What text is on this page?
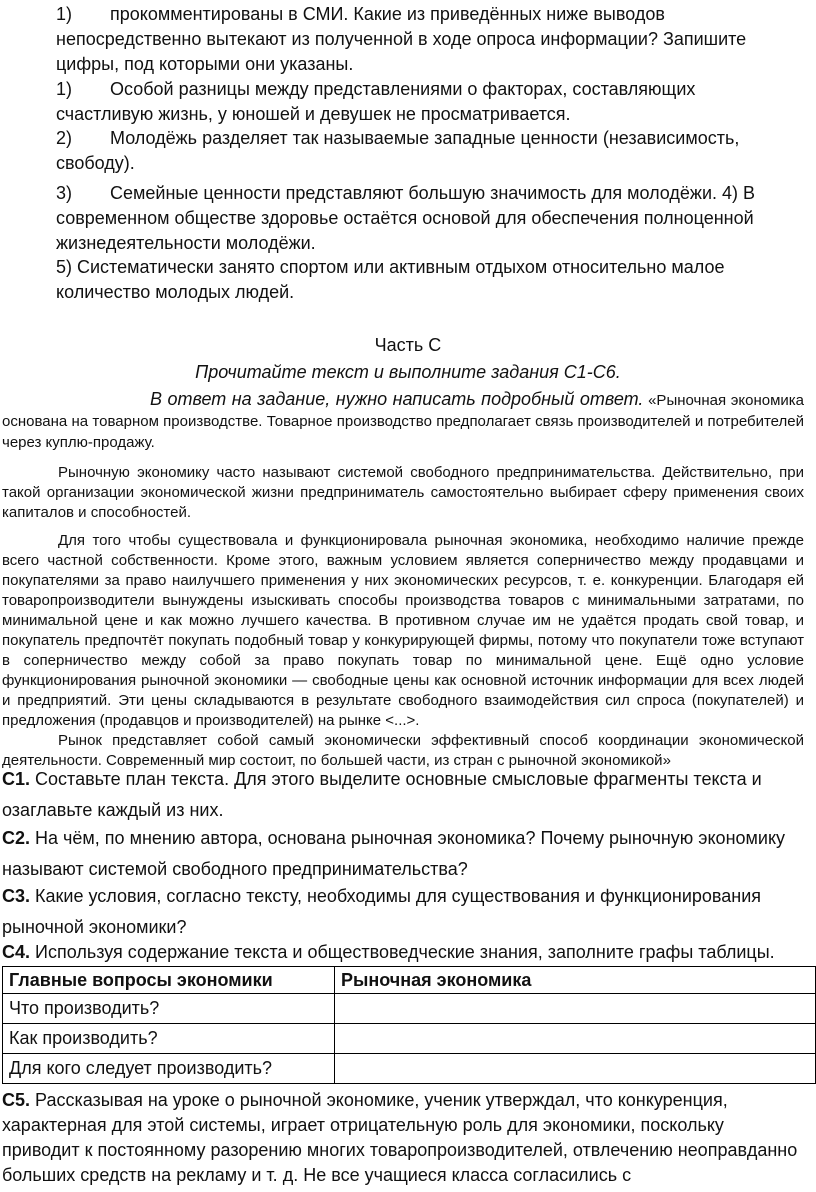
1) прокомментированы в СМИ. Какие из приведённых ниже выводов непосредственно вытекают из полученной в ходе опроса информации? Запишите цифры, под которыми они указаны.

1) Особой разницы между представлениями о факторах, составляющих счастливую жизнь, у юношей и девушек не просматривается.

2) Молодёжь разделяет так называемые западные ценности (независимость, свободу).

3) Семейные ценности представляют большую значимость для молодёжи. 4) В современном обществе здоровье остаётся основой для обеспечения полноценной жизнедеятельности молодёжи.

5) Систематически занято спортом или активным отдыхом относительно малое количество молодых людей.

Часть С

Прочитайте текст и выполните задания С1-С6.

В ответ на задание, нужно написать подробный ответ. «Рыночная экономика основана на товарном производстве. Товарное производство предполагает связь производителей и потребителей через куплю-продажу.

Рыночную экономику часто называют системой свободного предпринимательства. Действительно, при такой организации экономической жизни предприниматель самостоятельно выбирает сферу применения своих капиталов и способностей.

Для того чтобы существовала и функционировала рыночная экономика, необходимо наличие прежде всего частной собственности. Кроме этого, важным условием является соперничество между продавцами и покупателями за право наилучшего применения у них экономических ресурсов, т. е. конкуренции. Благодаря ей товаропроизводители вынуждены изыскивать способы производства товаров с минимальными затратами, по минимальной цене и как можно лучшего качества. В противном случае им не удаётся продать свой товар, и покупатель предпочтёт покупать подобный товар у конкурирующей фирмы, потому что покупатели тоже вступают в соперничество между собой за право покупать товар по минимальной цене. Ещё одно условие функционирования рыночной экономики — свободные цены как основной источник информации для всех людей и предприятий. Эти цены складываются в результате свободного взаимодействия сил спроса (покупателей) и предложения (продавцов и производителей) на рынке <...>.

Рынок представляет собой самый экономически эффективный способ координации экономической деятельности. Современный мир состоит, по большей части, из стран с рыночной экономикой»

С1. Составьте план текста. Для этого выделите основные смысловые фрагменты текста и озаглавьте каждый из них.

С2. На чём, по мнению автора, основана рыночная экономика? Почему рыночную экономику называют системой свободного предпринимательства?

С3. Какие условия, согласно тексту, необходимы для существования и функционирования рыночной экономики?

С4. Используя содержание текста и обществоведческие знания, заполните графы таблицы.

Главные вопросы экономики	Рыночная экономика
Что производить?	
Как производить?	
Для кого следует производить?	

С5. Рассказывая на уроке о рыночной экономике, ученик утверждал, что конкуренция, характерная для этой системы, играет отрицательную роль для экономики, поскольку приводит к постоянному разорению многих товаропроизводителей, отвлечению неоправданно больших средств на рекламу и т. д. Не все учащиеся класса согласились с
